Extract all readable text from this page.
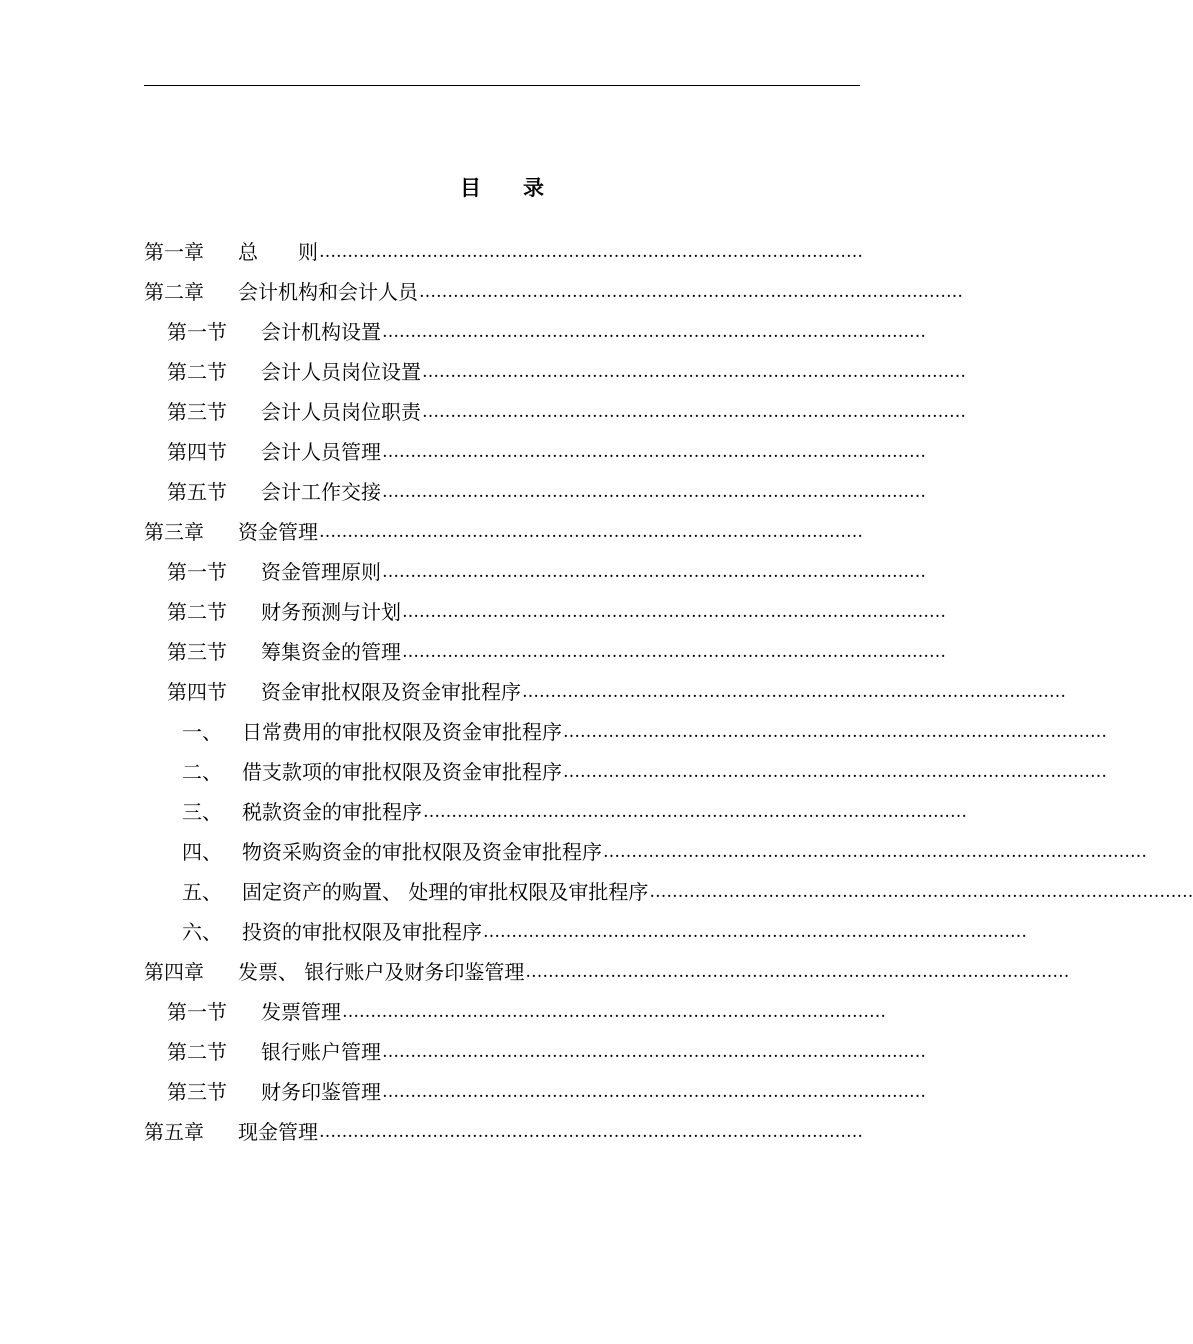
目　　录
第一章	总　　则 ……………………………………………………………………………………
第二章	会计机构和会计人员 ……………………………………………………………………………………
第一节	会计机构设置 ……………………………………………………………………………………
第二节	会计人员岗位设置 ……………………………………………………………………………………
第三节	会计人员岗位职责 ……………………………………………………………………………………
第四节	会计人员管理 ……………………………………………………………………………………
第五节	会计工作交接 ……………………………………………………………………………………
第三章	资金管理 ……………………………………………………………………………………
第一节	资金管理原则 ……………………………………………………………………………………
第二节	财务预测与计划 ……………………………………………………………………………………
第三节	筹集资金的管理 ……………………………………………………………………………………
第四节	资金审批权限及资金审批程序 ……………………………………………………………………………………
一、	日常费用的审批权限及资金审批程序 ……………………………………………………………………………………
二、	借支款项的审批权限及资金审批程序 ……………………………………………………………………………………
三、	税款资金的审批程序 ……………………………………………………………………………………
四、	物资采购资金的审批权限及资金审批程序 ……………………………………………………………………………………
五、	固定资产的购置、 处理的审批权限及审批程序 ……………………………………………………………………………………
六、	投资的审批权限及审批程序 ……………………………………………………………………………………
第四章	发票、 银行账户及财务印鉴管理 ……………………………………………………………………………………
第一节	发票管理 ……………………………………………………………………………………
第二节	银行账户管理 ……………………………………………………………………………………
第三节	财务印鉴管理 ……………………………………………………………………………………
第五章	现金管理 ……………………………………………………………………………………
